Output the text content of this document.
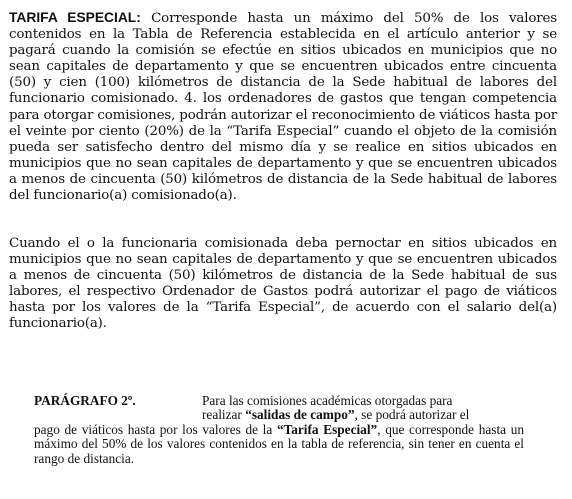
TARIFA ESPECIAL: Corresponde hasta un máximo del 50% de los valores contenidos en la Tabla de Referencia establecida en el artículo anterior y se pagará cuando la comisión se efectúe en sitios ubicados en municipios que no sean capitales de departamento y que se encuentren ubicados entre cincuenta (50) y cien (100) kilómetros de distancia de la Sede habitual de labores del funcionario comisionado. 4. los ordenadores de gastos que tengan competencia para otorgar comisiones, podrán autorizar el reconocimiento de viáticos hasta por el veinte por ciento (20%) de la “Tarifa Especial” cuando el objeto de la comisión pueda ser satisfecho dentro del mismo día y se realice en sitios ubicados en municipios que no sean capitales de departamento y que se encuentren ubicados a menos de cincuenta (50) kilómetros de distancia de la Sede habitual de labores del funcionario(a) comisionado(a).

Cuando el o la funcionaria comisionada deba pernoctar en sitios ubicados en municipios que no sean capitales de departamento y que se encuentren ubicados a menos de cincuenta (50) kilómetros de distancia de la Sede habitual de sus labores, el respectivo Ordenador de Gastos podrá autorizar el pago de viáticos hasta por los valores de la “Tarifa Especial”, de acuerdo con el salario del(a) funcionario(a).

PARÁGRAFO 2º.	Para las comisiones académicas otorgadas para
realizar “salidas de campo”, se podrá autorizar el
pago de viáticos hasta por los valores de la “Tarifa Especial”, que corresponde hasta un máximo del 50% de los valores contenidos en la tabla de referencia, sin tener en cuenta el rango de distancia.
